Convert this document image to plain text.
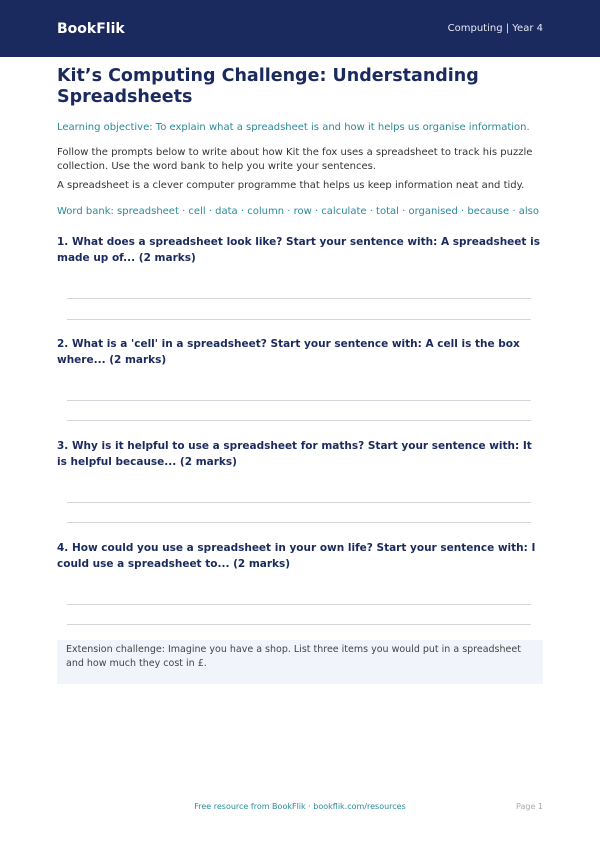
BookFlik	Computing | Year 4
Kit’s Computing Challenge: Understanding Spreadsheets
Learning objective: To explain what a spreadsheet is and how it helps us organise information.
Follow the prompts below to write about how Kit the fox uses a spreadsheet to track his puzzle collection. Use the word bank to help you write your sentences.
A spreadsheet is a clever computer programme that helps us keep information neat and tidy.
Word bank: spreadsheet · cell · data · column · row · calculate · total · organised · because · also
1. What does a spreadsheet look like? Start your sentence with: A spreadsheet is made up of... (2 marks)
2. What is a 'cell' in a spreadsheet? Start your sentence with: A cell is the box where... (2 marks)
3. Why is it helpful to use a spreadsheet for maths? Start your sentence with: It is helpful because... (2 marks)
4. How could you use a spreadsheet in your own life? Start your sentence with: I could use a spreadsheet to... (2 marks)
Extension challenge: Imagine you have a shop. List three items you would put in a spreadsheet and how much they cost in £.
Free resource from BookFlik · bookflik.com/resources	Page 1
